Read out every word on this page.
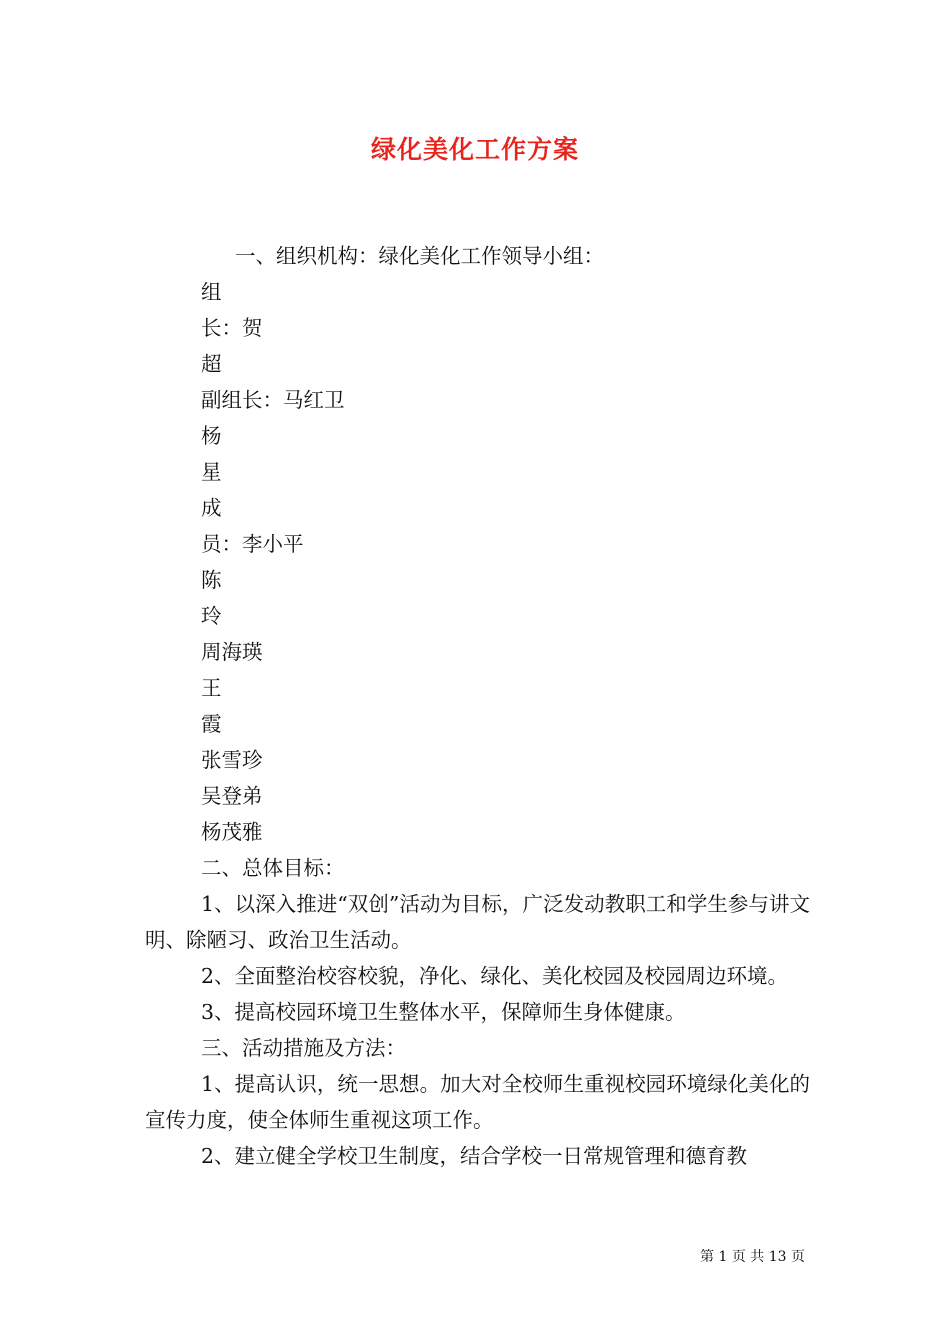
绿化美化工作方案
一、组织机构：绿化美化工作领导小组：
组
长：贺
超
副组长：马红卫
杨
星
成
员：李小平
陈
玲
周海瑛
王
霞
张雪珍
吴登弟
杨茂雅
二、总体目标：
1、以深入推进“双创”活动为目标，广泛发动教职工和学生参与讲文明、除陋习、政治卫生活动。
2、全面整治校容校貌，净化、绿化、美化校园及校园周边环境。
3、提高校园环境卫生整体水平，保障师生身体健康。
三、活动措施及方法：
1、提高认识，统一思想。加大对全校师生重视校园环境绿化美化的宣传力度，使全体师生重视这项工作。
2、建立健全学校卫生制度，结合学校一日常规管理和德育教
第 1 页 共 13 页
